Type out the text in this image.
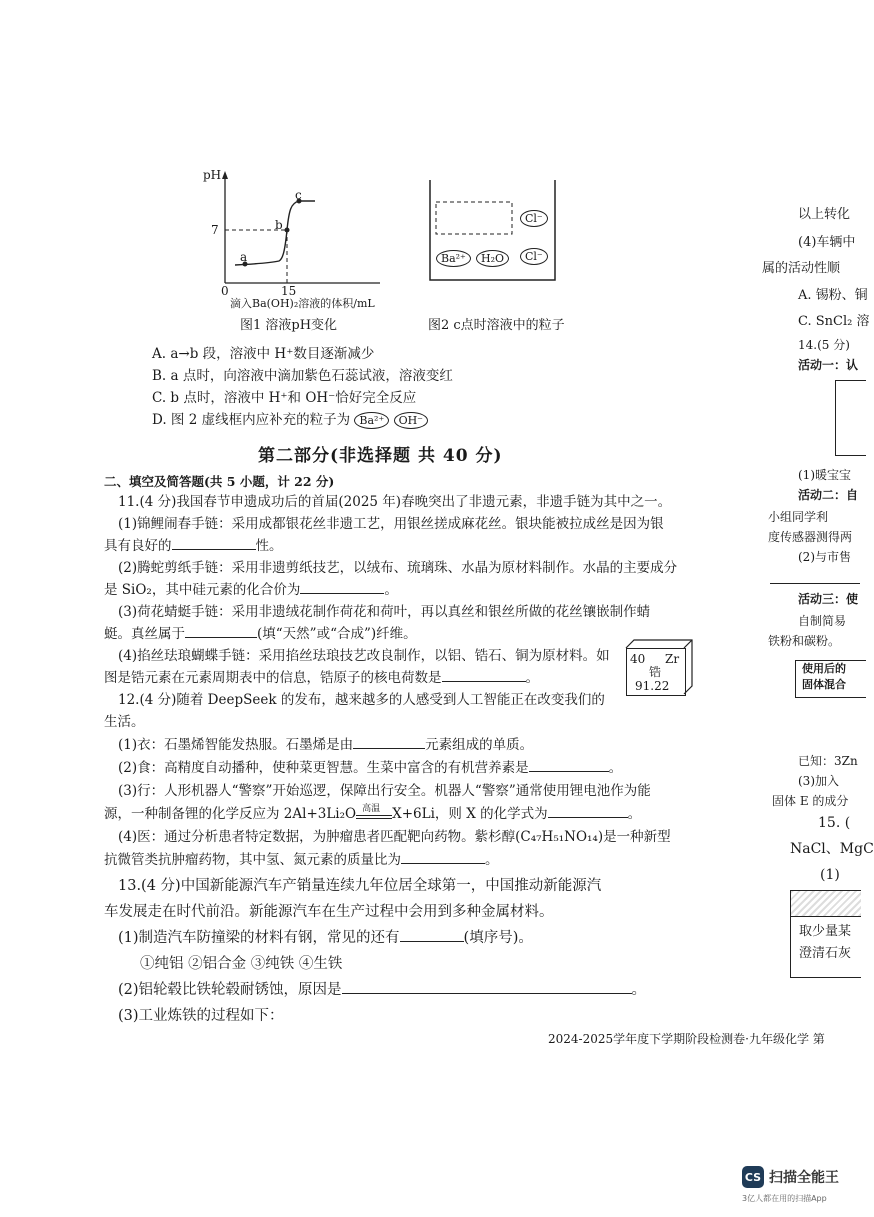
pH
7
0	15
a
b
c
滴入Ba(OH)₂溶液的体积/mL
图1 溶液pH变化
Cl⁻
Ba²⁺	H₂O	Cl⁻
图2 c点时溶液中的粒子
A. a→b 段，溶液中 H⁺数目逐渐减少
B. a 点时，向溶液中滴加紫色石蕊试液，溶液变红
C. b 点时，溶液中 H⁺和 OH⁻恰好完全反应
D. 图 2 虚线框内应补充的粒子为 Ba²⁺ OH⁻
第二部分(非选择题 共 40 分)
二、填空及简答题(共 5 小题，计 22 分)
11.(4 分)我国春节申遗成功后的首届(2025 年)春晚突出了非遗元素，非遗手链为其中之一。
(1)锦鲤闹春手链：采用成都银花丝非遗工艺，用银丝搓成麻花丝。银块能被拉成丝是因为银
具有良好的	性。
(2)腾蛇剪纸手链：采用非遗剪纸技艺，以绒布、琉璃珠、水晶为原材料制作。水晶的主要成分
是 SiO₂，其中硅元素的化合价为	。
(3)荷花蜻蜓手链：采用非遗绒花制作荷花和荷叶，再以真丝和银丝所做的花丝镶嵌制作蜻
蜓。真丝属于	(填“天然”或“合成”)纤维。
(4)掐丝珐琅蝴蝶手链：采用掐丝珐琅技艺改良制作，以铝、锆石、铜为原材料。如
图是锆元素在元素周期表中的信息，锆原子的核电荷数是	。
40 Zr
锆
91.22
12.(4 分)随着 DeepSeek 的发布，越来越多的人感受到人工智能正在改变我们的
生活。
(1)衣：石墨烯智能发热服。石墨烯是由	元素组成的单质。
(2)食：高精度自动播种，使种菜更智慧。生菜中富含的有机营养素是	。
(3)行：人形机器人“警察”开始巡逻，保障出行安全。机器人“警察”通常使用锂电池作为能
源，一种制备锂的化学反应为 2Al+3Li₂O 高温 X+6Li，则 X 的化学式为	。
(4)医：通过分析患者特定数据，为肿瘤患者匹配靶向药物。紫杉醇(C₄₇H₅₁NO₁₄)是一种新型
抗微管类抗肿瘤药物，其中氢、氮元素的质量比为	。
13.(4 分)中国新能源汽车产销量连续九年位居全球第一，中国推动新能源汽
车发展走在时代前沿。新能源汽车在生产过程中会用到多种金属材料。
(1)制造汽车防撞梁的材料有钢，常见的还有	(填序号)。
①纯铝 ②铝合金 ③纯铁 ④生铁
(2)铝轮毂比铁轮毂耐锈蚀，原因是	。
(3)工业炼铁的过程如下：
以上转化
(4)车辆中
属的活动性顺
A. 锡粉、铜
C. SnCl₂ 溶
14.(5 分)
活动一：认
(1)暖宝宝
活动二：自
小组同学利
度传感器测得两
(2)与市售
活动三：使
自制简易
铁粉和碳粉。
使用后的
固体混合
已知：3Zn
(3)加入
固体 E 的成分
15. (
NaCl、MgC
(1)
取少量某
澄清石灰
2024-2025学年度下学期阶段检测卷·九年级化学 第
CS 扫描全能王
3亿人都在用的扫描App
